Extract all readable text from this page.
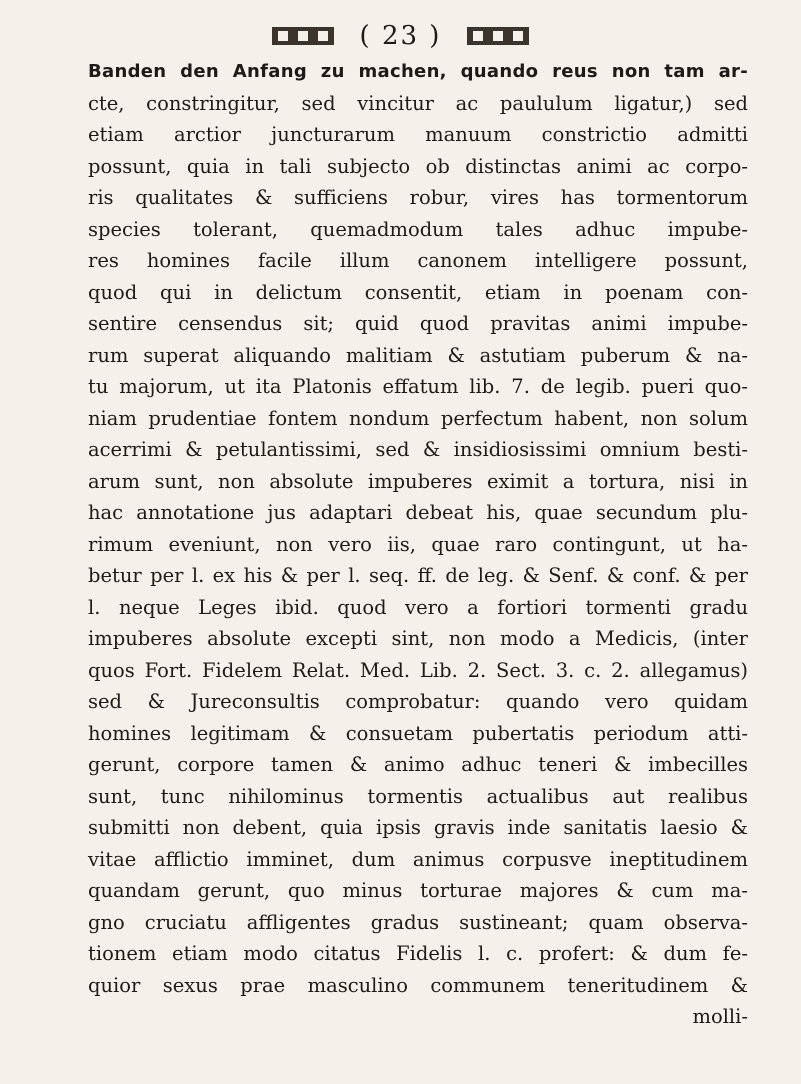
( 23 )
Banden den Anfang zu machen, quando reus non tam ar-
cte, constringitur, sed vincitur ac paululum ligatur,) sed
etiam arctior juncturarum manuum constrictio admitti
possunt, quia in tali subjecto ob distinctas animi ac corpo-
ris qualitates & sufficiens robur, vires has tormentorum
species tolerant, quemadmodum tales adhuc impube-
res homines facile illum canonem intelligere possunt,
quod qui in delictum consentit, etiam in poenam con-
sentire censendus sit; quid quod pravitas animi impube-
rum superat aliquando malitiam & astutiam puberum & na-
tu majorum, ut ita Platonis effatum lib. 7. de legib. pueri quo-
niam prudentiae fontem nondum perfectum habent, non solum
acerrimi & petulantissimi, sed & insidiosissimi omnium besti-
arum sunt, non absolute impuberes eximit a tortura, nisi in
hac annotatione jus adaptari debeat his, quae secundum plu-
rimum eveniunt, non vero iis, quae raro contingunt, ut ha-
betur per l. ex his & per l. seq. ff. de leg. & Senf. & conf. & per
l. neque Leges ibid. quod vero a fortiori tormenti gradu
impuberes absolute excepti sint, non modo a Medicis, (inter
quos Fort. Fidelem Relat. Med. Lib. 2. Sect. 3. c. 2. allegamus)
sed & Jureconsultis comprobatur: quando vero quidam
homines legitimam & consuetam pubertatis periodum atti-
gerunt, corpore tamen & animo adhuc teneri & imbecilles
sunt, tunc nihilominus tormentis actualibus aut realibus
submitti non debent, quia ipsis gravis inde sanitatis laesio &
vitae afflictio imminet, dum animus corpusve ineptitudinem
quandam gerunt, quo minus torturae majores & cum ma-
gno cruciatu affligentes gradus sustineant; quam observa-
tionem etiam modo citatus Fidelis l. c. profert: & dum fe-
quior sexus prae masculino communem teneritudinem &
molli-
